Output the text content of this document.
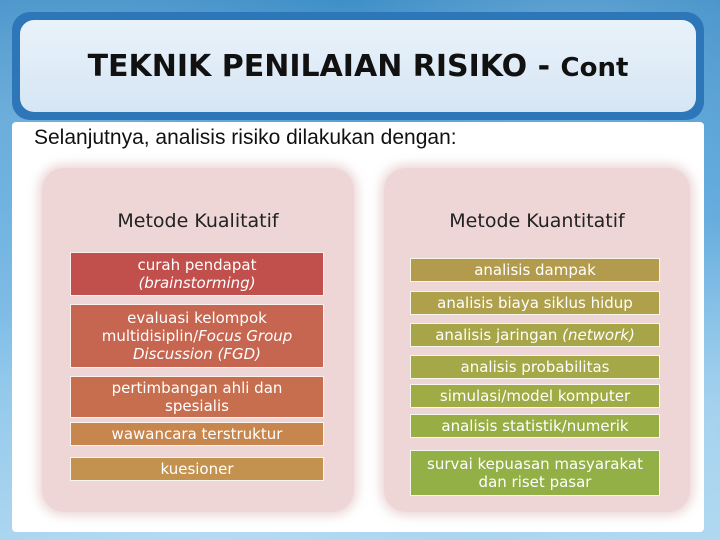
TEKNIK PENILAIAN RISIKO - Cont
Selanjutnya, analisis risiko dilakukan dengan:
Metode Kualitatif	Metode Kuantitatif
curah pendapat
(brainstorming)
evaluasi kelompok
multidisiplin/Focus Group
Discussion (FGD)
pertimbangan ahli dan
spesialis
wawancara terstruktur
kuesioner
analisis dampak
analisis biaya siklus hidup
analisis jaringan (network)
analisis probabilitas
simulasi/model komputer
analisis statistik/numerik
survai kepuasan masyarakat
dan riset pasar
